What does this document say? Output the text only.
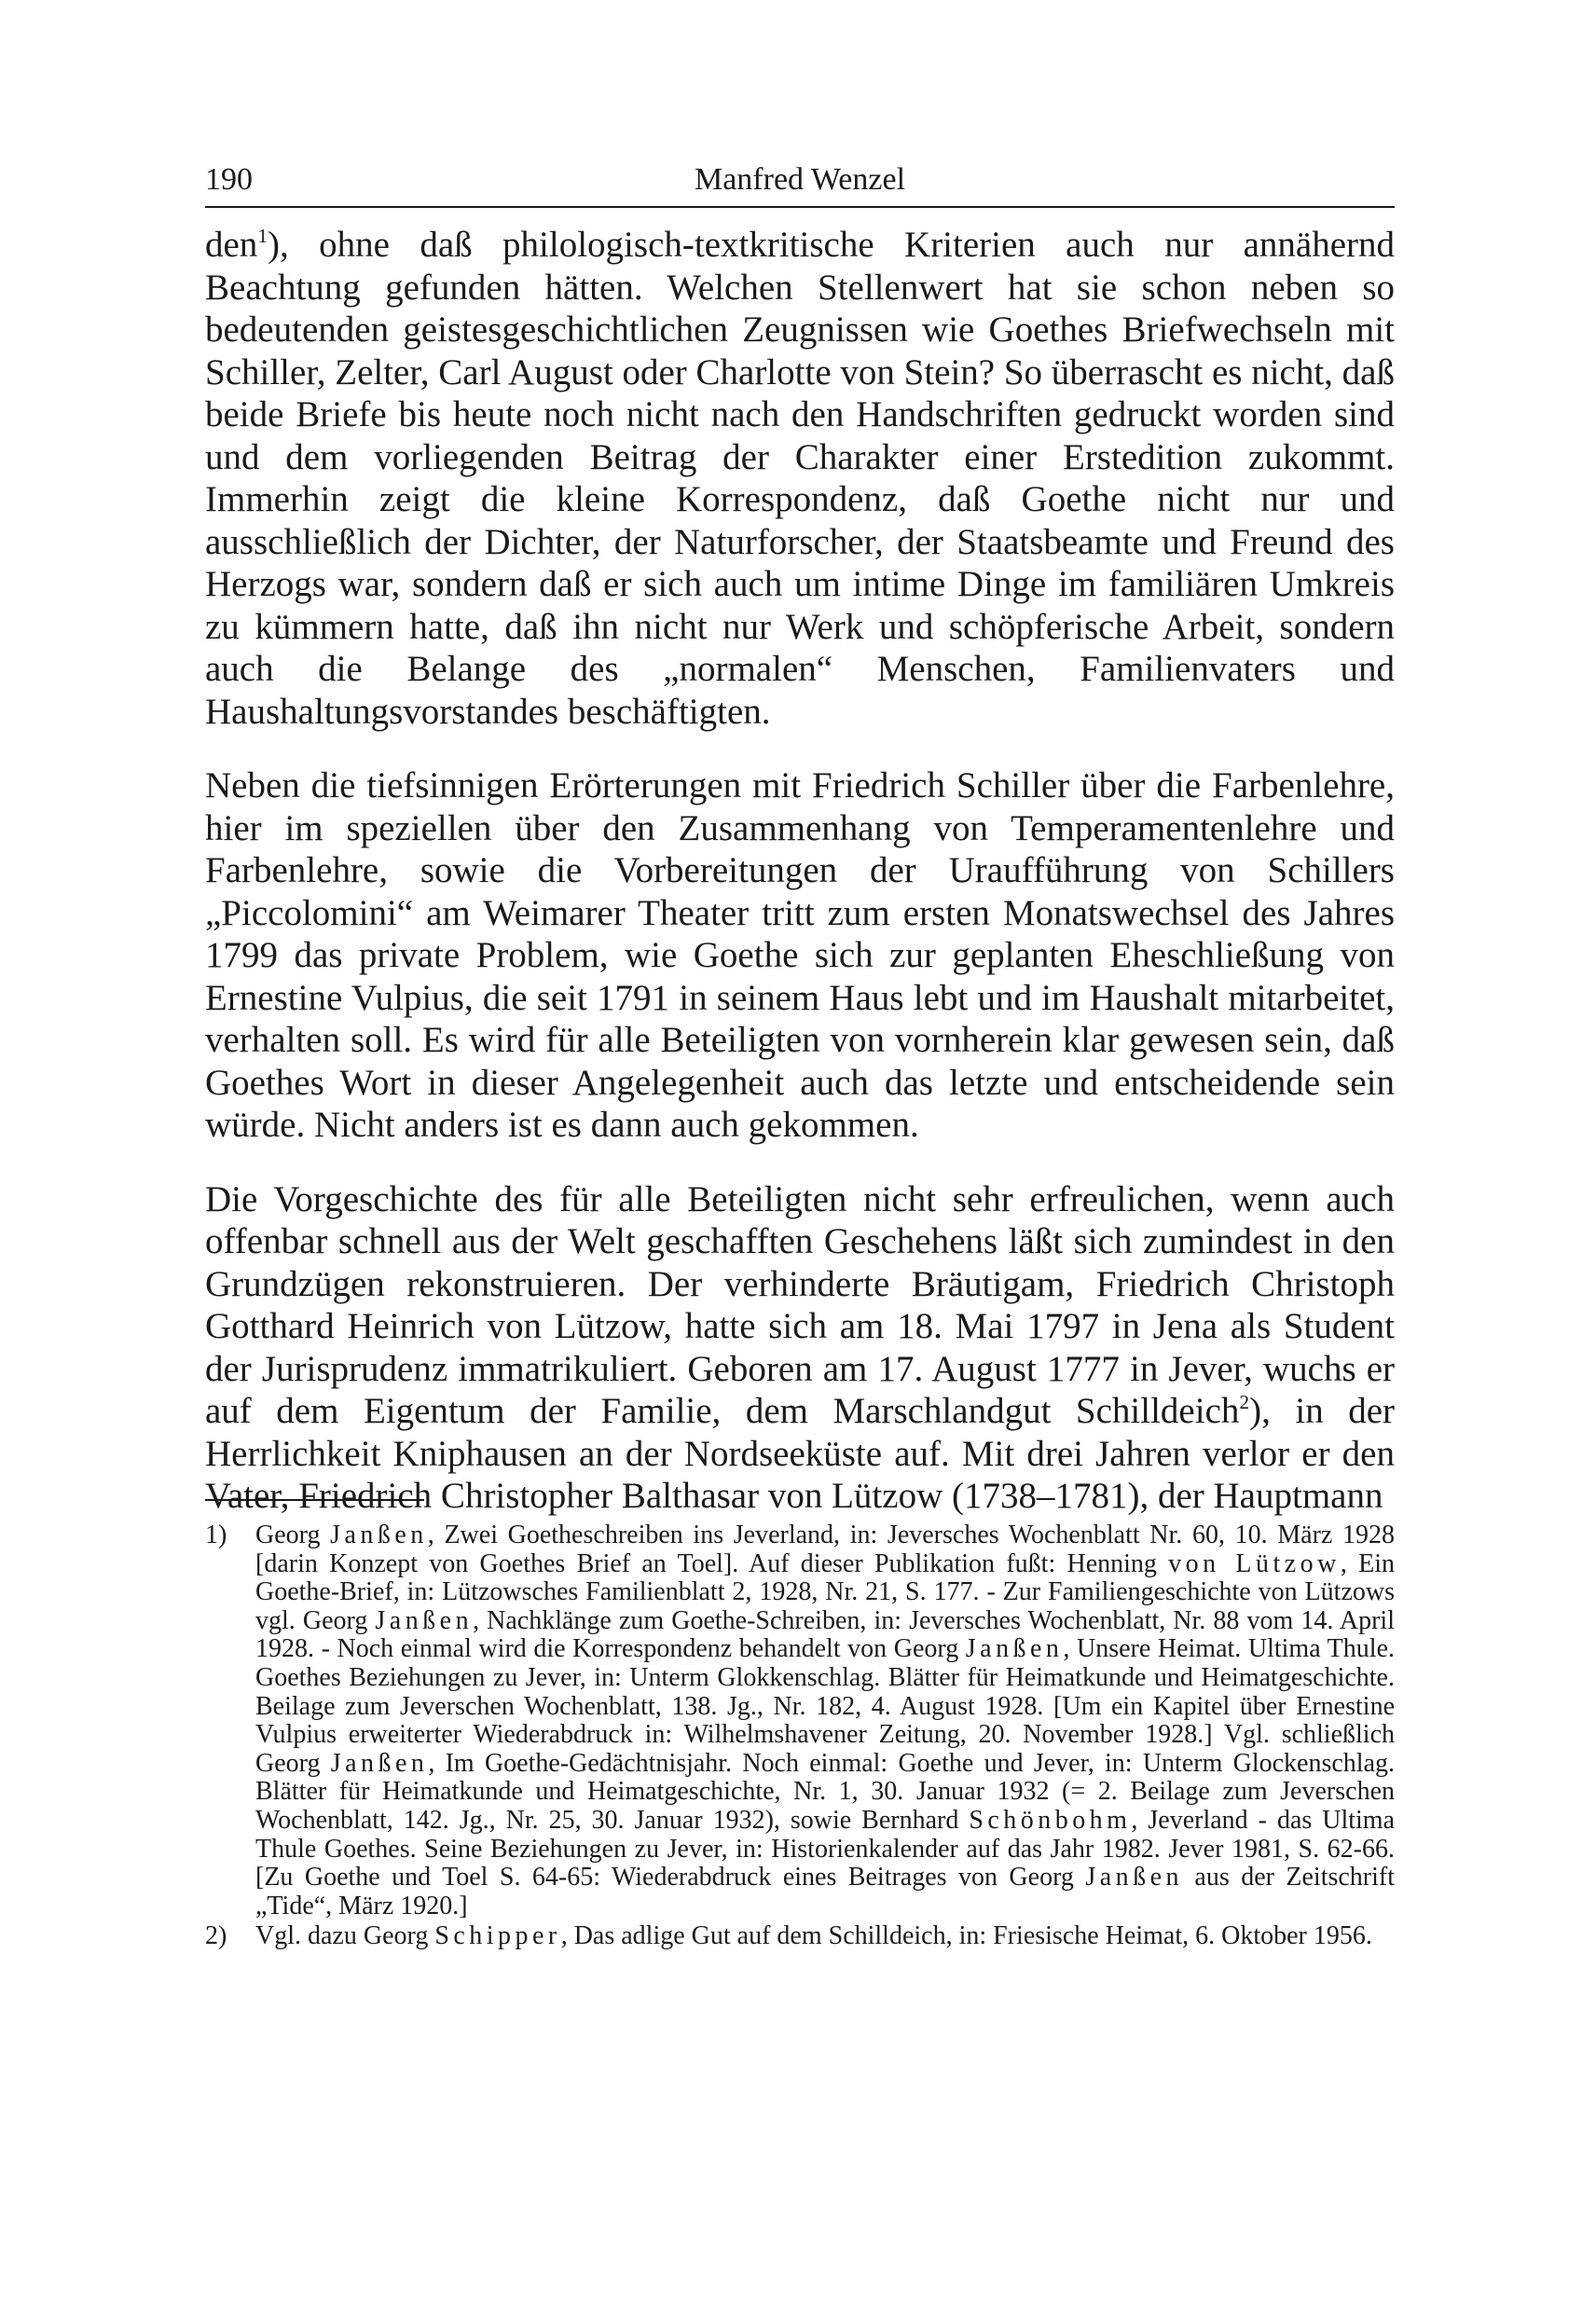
190	Manfred Wenzel

den$^1$), ohne daß philologisch-textkritische Kriterien auch nur annähernd Beachtung gefunden hätten. Welchen Stellenwert hat sie schon neben so bedeutenden geistesgeschichtlichen Zeugnissen wie Goethes Briefwechseln mit Schiller, Zelter, Carl August oder Charlotte von Stein? So überrascht es nicht, daß beide Briefe bis heute noch nicht nach den Handschriften gedruckt worden sind und dem vorliegenden Beitrag der Charakter einer Erstedition zukommt. Immerhin zeigt die kleine Korrespondenz, daß Goethe nicht nur und ausschließlich der Dichter, der Naturforscher, der Staatsbeamte und Freund des Herzogs war, sondern daß er sich auch um intime Dinge im familiären Umkreis zu kümmern hatte, daß ihn nicht nur Werk und schöpferische Arbeit, sondern auch die Belange des „normalen“ Menschen, Familienvaters und Haushaltungsvorstandes beschäftigten.

Neben die tiefsinnigen Erörterungen mit Friedrich Schiller über die Farbenlehre, hier im speziellen über den Zusammenhang von Temperamentenlehre und Farbenlehre, sowie die Vorbereitungen der Uraufführung von Schillers „Piccolomini“ am Weimarer Theater tritt zum ersten Monatswechsel des Jahres 1799 das private Problem, wie Goethe sich zur geplanten Eheschließung von Ernestine Vulpius, die seit 1791 in seinem Haus lebt und im Haushalt mitarbeitet, verhalten soll. Es wird für alle Beteiligten von vornherein klar gewesen sein, daß Goethes Wort in dieser Angelegenheit auch das letzte und entscheidende sein würde. Nicht anders ist es dann auch gekommen.

Die Vorgeschichte des für alle Beteiligten nicht sehr erfreulichen, wenn auch offenbar schnell aus der Welt geschafften Geschehens läßt sich zumindest in den Grundzügen rekonstruieren. Der verhinderte Bräutigam, Friedrich Christoph Gotthard Heinrich von Lützow, hatte sich am 18. Mai 1797 in Jena als Student der Jurisprudenz immatrikuliert. Geboren am 17. August 1777 in Jever, wuchs er auf dem Eigentum der Familie, dem Marschlandgut Schilldeich$^2$), in der Herrlichkeit Kniphausen an der Nordseeküste auf. Mit drei Jahren verlor er den Vater, Friedrich Christopher Balthasar von Lützow (1738–1781), der Hauptmann

1) Georg Janßen, Zwei Goetheschreiben ins Jeverland, in: Jeversches Wochenblatt Nr. 60, 10. März 1928 [darin Konzept von Goethes Brief an Toel]. Auf dieser Publikation fußt: Henning von Lützow, Ein Goethe-Brief, in: Lützowsches Familienblatt 2, 1928, Nr. 21, S. 177. - Zur Familiengeschichte von Lützows vgl. Georg Janßen, Nachklänge zum Goethe-Schreiben, in: Jeversches Wochenblatt, Nr. 88 vom 14. April 1928. - Noch einmal wird die Korrespondenz behandelt von Georg Janßen, Unsere Heimat. Ultima Thule. Goethes Beziehungen zu Jever, in: Unterm Glokkenschlag. Blätter für Heimatkunde und Heimatgeschichte. Beilage zum Jeverschen Wochenblatt, 138. Jg., Nr. 182, 4. August 1928. [Um ein Kapitel über Ernestine Vulpius erweiterter Wiederabdruck in: Wilhelmshavener Zeitung, 20. November 1928.] Vgl. schließlich Georg Janßen, Im Goethe-Gedächtnisjahr. Noch einmal: Goethe und Jever, in: Unterm Glockenschlag. Blätter für Heimatkunde und Heimatgeschichte, Nr. 1, 30. Januar 1932 (= 2. Beilage zum Jeverschen Wochenblatt, 142. Jg., Nr. 25, 30. Januar 1932), sowie Bernhard Schönbohm, Jeverland - das Ultima Thule Goethes. Seine Beziehungen zu Jever, in: Historienkalender auf das Jahr 1982. Jever 1981, S. 62-66. [Zu Goethe und Toel S. 64-65: Wiederabdruck eines Beitrages von Georg Janßen aus der Zeitschrift „Tide“, März 1920.]
2) Vgl. dazu Georg Schipper, Das adlige Gut auf dem Schilldeich, in: Friesische Heimat, 6. Oktober 1956.
